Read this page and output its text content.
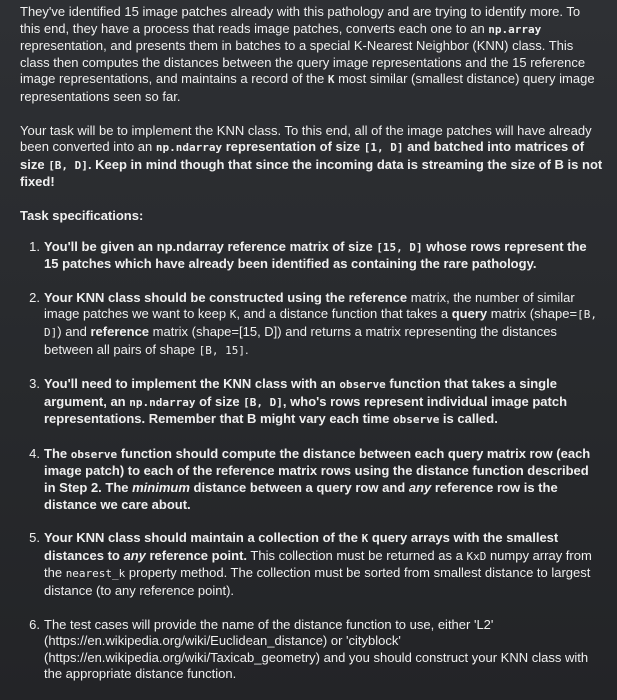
They've identified 15 image patches already with this pathology and are trying to identify more. To this end, they have a process that reads image patches, converts each one to an np.array representation, and presents them in batches to a special K-Nearest Neighbor (KNN) class. This class then computes the distances between the query image representations and the 15 reference image representations, and maintains a record of the K most similar (smallest distance) query image representations seen so far.

Your task will be to implement the KNN class. To this end, all of the image patches will have already been converted into an np.ndarray representation of size [1, D] and batched into matrices of size [B, D]. Keep in mind though that since the incoming data is streaming the size of B is not fixed!

Task specifications:

1. You'll be given an np.ndarray reference matrix of size [15, D] whose rows represent the 15 patches which have already been identified as containing the rare pathology.
2. Your KNN class should be constructed using the reference matrix, the number of similar image patches we want to keep K, and a distance function that takes a query matrix (shape=[B, D]) and reference matrix (shape=[15, D]) and returns a matrix representing the distances between all pairs of shape [B, 15].
3. You'll need to implement the KNN class with an observe function that takes a single argument, an np.ndarray of size [B, D], who's rows represent individual image patch representations. Remember that B might vary each time observe is called.
4. The observe function should compute the distance between each query matrix row (each image patch) to each of the reference matrix rows using the distance function described in Step 2. The minimum distance between a query row and any reference row is the distance we care about.
5. Your KNN class should maintain a collection of the K query arrays with the smallest distances to any reference point. This collection must be returned as a KxD numpy array from the nearest_k property method. The collection must be sorted from smallest distance to largest distance (to any reference point).
6. The test cases will provide the name of the distance function to use, either 'L2' (https://en.wikipedia.org/wiki/Euclidean_distance) or 'cityblock' (https://en.wikipedia.org/wiki/Taxicab_geometry) and you should construct your KNN class with the appropriate distance function.
